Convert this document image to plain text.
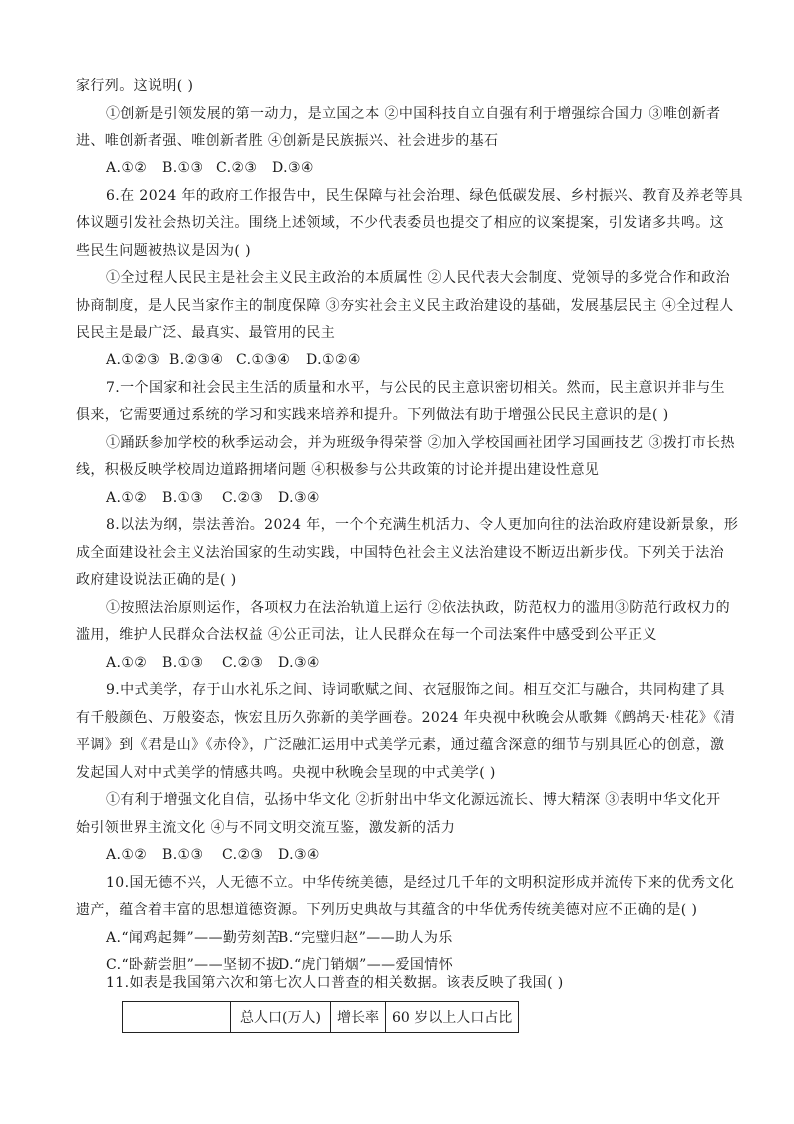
家行列。这说明( )
①创新是引领发展的第一动力，是立国之本 ②中国科技自立自强有利于增强综合国力 ③唯创新者
进、唯创新者强、唯创新者胜 ④创新是民族振兴、社会进步的基石
A.①② B.①③ C.②③ D.③④
6.在 2024 年的政府工作报告中，民生保障与社会治理、绿色低碳发展、乡村振兴、教育及养老等具
体议题引发社会热切关注。围绕上述领域，不少代表委员也提交了相应的议案提案，引发诸多共鸣。这
些民生问题被热议是因为( )
①全过程人民民主是社会主义民主政治的本质属性 ②人民代表大会制度、党领导的多党合作和政治
协商制度，是人民当家作主的制度保障 ③夯实社会主义民主政治建设的基础，发展基层民主 ④全过程人
民民主是最广泛、最真实、最管用的民主
A.①②③ B.②③④ C.①③④ D.①②④
7.一个国家和社会民主生活的质量和水平，与公民的民主意识密切相关。然而，民主意识并非与生
俱来，它需要通过系统的学习和实践来培养和提升。下列做法有助于增强公民民主意识的是( )
①踊跃参加学校的秋季运动会，并为班级争得荣誉 ②加入学校国画社团学习国画技艺 ③拨打市长热
线，积极反映学校周边道路拥堵问题 ④积极参与公共政策的讨论并提出建设性意见
A.①② B.①③ C.②③ D.③④
8.以法为纲，崇法善治。2024 年，一个个充满生机活力、令人更加向往的法治政府建设新景象，形
成全面建设社会主义法治国家的生动实践，中国特色社会主义法治建设不断迈出新步伐。下列关于法治
政府建设说法正确的是( )
①按照法治原则运作，各项权力在法治轨道上运行 ②依法执政，防范权力的滥用③防范行政权力的
滥用，维护人民群众合法权益 ④公正司法，让人民群众在每一个司法案件中感受到公平正义
A.①② B.①③ C.②③ D.③④
9.中式美学，存于山水礼乐之间、诗词歌赋之间、衣冠服饰之间。相互交汇与融合，共同构建了具
有千般颜色、万般姿态，恢宏且历久弥新的美学画卷。2024 年央视中秋晚会从歌舞《鹧鸪天·桂花》《清
平调》到《君是山》《赤伶》，广泛融汇运用中式美学元素，通过蕴含深意的细节与别具匠心的创意，激
发起国人对中式美学的情感共鸣。央视中秋晚会呈现的中式美学( )
①有利于增强文化自信，弘扬中华文化 ②折射出中华文化源远流长、博大精深 ③表明中华文化开
始引领世界主流文化 ④与不同文明交流互鉴，激发新的活力
A.①② B.①③ C.②③ D.③④
10.国无德不兴，人无德不立。中华传统美德，是经过几千年的文明积淀形成并流传下来的优秀文化
遗产，蕴含着丰富的思想道德资源。下列历史典故与其蕴含的中华优秀传统美德对应不正确的是( )
A.“闻鸡起舞”——勤劳刻苦B.“完璧归赵”——助人为乐
C.“卧薪尝胆”——坚韧不拔D.“虎门销烟”——爱国情怀
11.如表是我国第六次和第七次人口普查的相关数据。该表反映了我国( )
	总人口(万人)	增长率	60 岁以上人口占比
